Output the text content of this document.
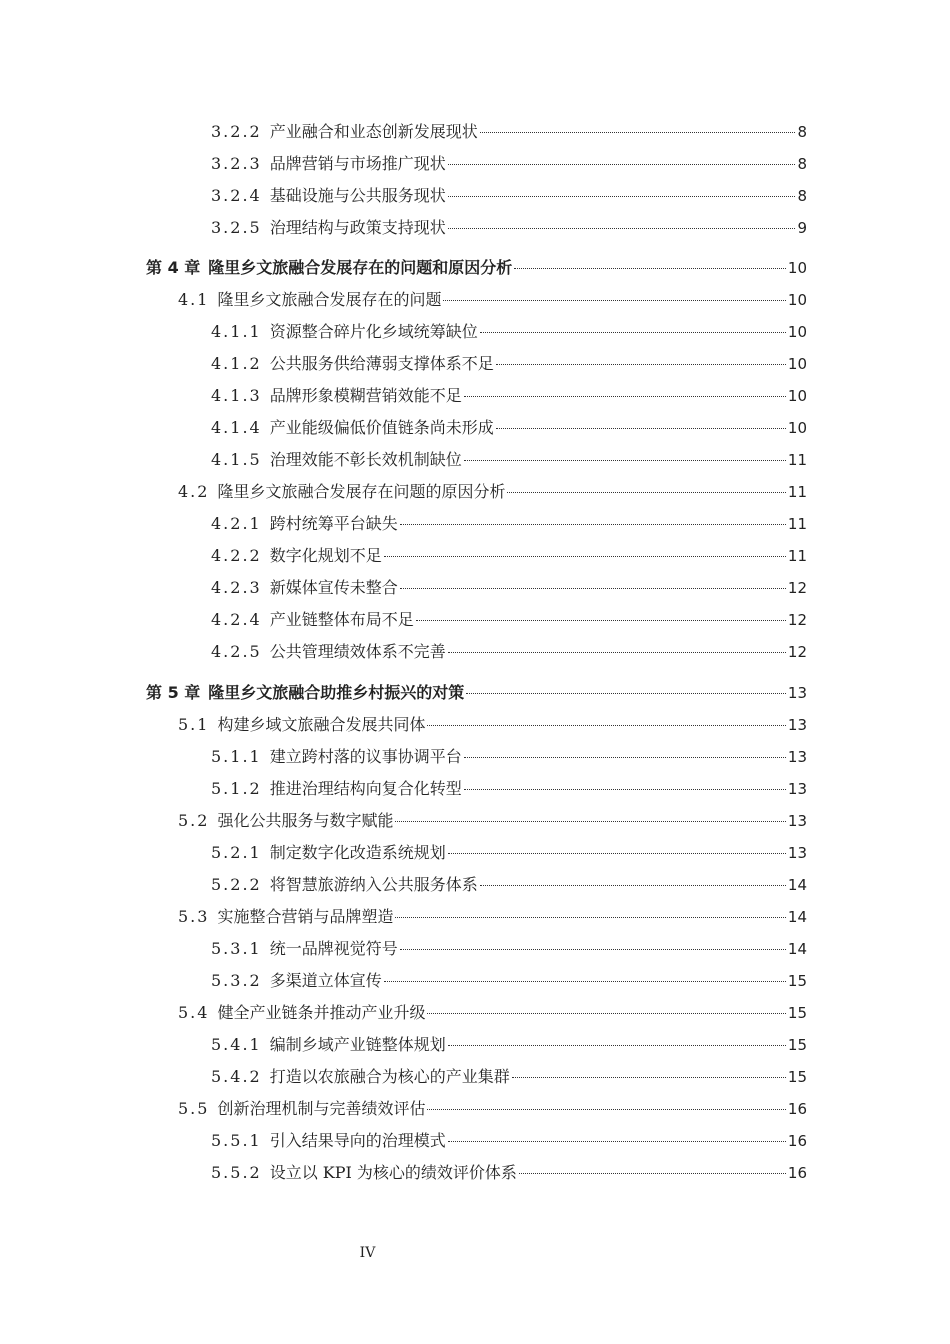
3.2.2 产业融合和业态创新发展现状	8
3.2.3 品牌营销与市场推广现状	8
3.2.4 基础设施与公共服务现状	8
3.2.5 治理结构与政策支持现状	9
第 4 章 隆里乡文旅融合发展存在的问题和原因分析	10
4.1 隆里乡文旅融合发展存在的问题	10
4.1.1 资源整合碎片化乡域统筹缺位	10
4.1.2 公共服务供给薄弱支撑体系不足	10
4.1.3 品牌形象模糊营销效能不足	10
4.1.4 产业能级偏低价值链条尚未形成	10
4.1.5 治理效能不彰长效机制缺位	11
4.2 隆里乡文旅融合发展存在问题的原因分析	11
4.2.1 跨村统筹平台缺失	11
4.2.2 数字化规划不足	11
4.2.3 新媒体宣传未整合	12
4.2.4 产业链整体布局不足	12
4.2.5 公共管理绩效体系不完善	12
第 5 章 隆里乡文旅融合助推乡村振兴的对策	13
5.1 构建乡域文旅融合发展共同体	13
5.1.1 建立跨村落的议事协调平台	13
5.1.2 推进治理结构向复合化转型	13
5.2 强化公共服务与数字赋能	13
5.2.1 制定数字化改造系统规划	13
5.2.2 将智慧旅游纳入公共服务体系	14
5.3 实施整合营销与品牌塑造	14
5.3.1 统一品牌视觉符号	14
5.3.2 多渠道立体宣传	15
5.4 健全产业链条并推动产业升级	15
5.4.1 编制乡域产业链整体规划	15
5.4.2 打造以农旅融合为核心的产业集群	15
5.5 创新治理机制与完善绩效评估	16
5.5.1 引入结果导向的治理模式	16
5.5.2 设立以 KPI 为核心的绩效评价体系	16
IV
